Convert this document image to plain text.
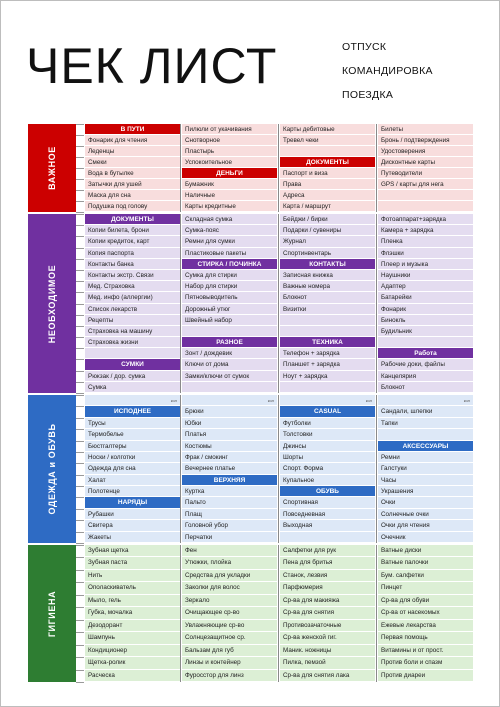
ЧЕК ЛИСТ	ОТПУСК
КОМАНДИРОВКА
ПОЕЗДКА
ВАЖНОЕ
В ПУТИ
Фонарик для чтения
Леденцы
Смеки
Вода в бутылке
Затычки для ушей
Маска для сна
Подушка под голову
Пилюли от укачивания
Снотворное
Пластырь
Успокоительное
ДЕНЬГИ
Бумажник
Наличные
Карты кредитные
Карты дебитовые
Тревел чеки
ДОКУМЕНТЫ
Паспорт и виза
Права
Адреса
Карта / маршрут
Билеты
Бронь / подтверждения
Удостоверения
Дисконтные карты
Путеводители
GPS / карты для нега
НЕОБХОДИМОЕ
ДОКУМЕНТЫ
Копии билета, брони
Копии кредиток, карт
Копия паспорта
Контакты банка
Контакты экстр. Связи
Мед. Страховка
Мед. инфо (аллергии)
Список лекарств
Рецепты
Страховка на машину
Страховка жизни
СУМКИ
Рюкзак / дор. сумка
Сумка
Складная сумка
Сумка-пояс
Ремни для сумки
Пластиковые пакеты
СТИРКА / ПОЧИНКА
Сумка для стирки
Набор для стирки
Пятновыводитель
Дорожный утюг
Швейный набор
РАЗНОЕ
Зонт / дождевик
Ключи от дома
Замки/ключи от сумок
Бейджи / бирки
Подарки / сувениры
Журнал
Спортинвентарь
КОНТАКТЫ
Записная книжка
Важные номера
Блокнот
Визитки
ТЕХНИКА
Телефон + зарядка
Планшет + зарядка
Ноут + зарядка
Фотоаппарат+зарядка
Камера + зарядка
Пленка
Флэшки
Плеер и музыка
Наушники
Адаптер
Батарейки
Фонарик
Бинокль
Будильник
Работа
Рабочие доки, файлы
Канцелярия
Блокнот
ОДЕЖДА и ОБУВЬ
кол
ИСПОДНЕЕ
Трусы
Термобелье
Бюстгалтеры
Носки / колготки
Одежда для сна
Халат
Полотенце
НАРЯДЫ
Рубашки
Свитера
Жакеты
кол
Брюки
Юбки
Платья
Костюмы
Фрак / смокинг
Вечернее платье
ВЕРХНЯЯ
Куртка
Пальто
Плащ
Головной убор
Перчатки
кол
CASUAL
Футболки
Толстовки
Джинсы
Шорты
Спорт. Форма
Купальное
ОБУВЬ
Спортивная
Повседневная
Выходная
кол
Сандали, шлепки
Тапки
АКСЕССУАРЫ
Ремни
Галстуки
Часы
Украшения
Очки
Солнечные очки
Очки для чтения
Очечник
ГИГИЕНА
Зубная щетка
Зубная паста
Нить
Ополаскиватель
Мыло, гель
Губка, мочалка
Дезодорант
Шампунь
Кондиционер
Щетка-ролик
Расческа
Фен
Утюжки, плойка
Средства для укладки
Заколки для волос
Зеркало
Очищающее ср-во
Увлажняющие ср-во
Солнцезащитное ср.
Бальзам для губ
Линзы и контейнер
Фуросстор для линз
Салфетки для рук
Пена для бритья
Станок, лезвия
Парфюмерия
Ср-ва для макияжа
Ср-ва для снятия
Противозачаточные
Ср-ва женской гиг.
Маник. ножницы
Пилка, пемзой
Ср-ва для снятия лака
Ватные диски
Ватные палочки
Бум. салфетки
Пинцет
Ср-ва для обуви
Ср-ва от насекомых
Ежевые лекарства
Первая помощь
Витамины и от прост.
Против боли и спазм
Против диареи
